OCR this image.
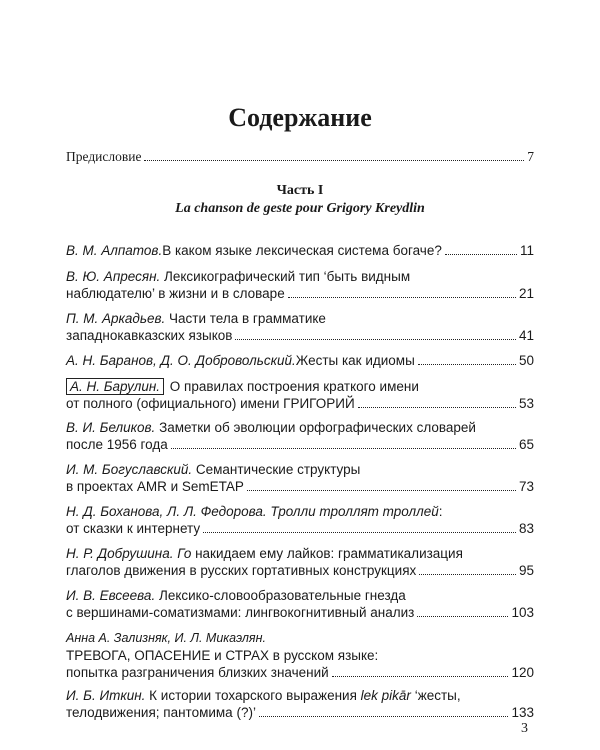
Содержание
Предисловие	7
Часть I
La chanson de geste pour Grigory Kreydlin
В. М. Алпатов. В каком языке лексическая система богаче?	11
В. Ю. Апресян. Лексикографический тип ‘быть видным
наблюдателю’ в жизни и в словаре	21
П. М. Аркадьев. Части тела в грамматике
западнокавказских языков	41
А. Н. Баранов, Д. О. Добровольский. Жесты как идиомы	50
А. Н. Барулин. О правилах построения краткого имени
от полного (официального) имени ГРИГОРИЙ	53
В. И. Беликов. Заметки об эволюции орфографических словарей
после 1956 года	65
И. М. Богуславский. Семантические структуры
в проектах AMR и SemETAP	73
Н. Д. Боханова, Л. Л. Федорова. Тролли троллят троллей:
от сказки к интернету	83
Н. Р. Добрушина. Го накидаем ему лайков: грамматикализация
глаголов движения в русских гортативных конструкциях	95
И. В. Евсеева. Лексико-словообразовательные гнезда
с вершинами-соматизмами: лингвокогнитивный анализ	103
Анна А. Зализняк, И. Л. Микаэлян.
ТРЕВОГА, ОПАСЕНИЕ и СТРАХ в русском языке:
попытка разграничения близких значений	120
И. Б. Иткин. К истории тохарского выражения lek pikār ‘жесты,
телодвижения; пантомима (?)’	133
3
